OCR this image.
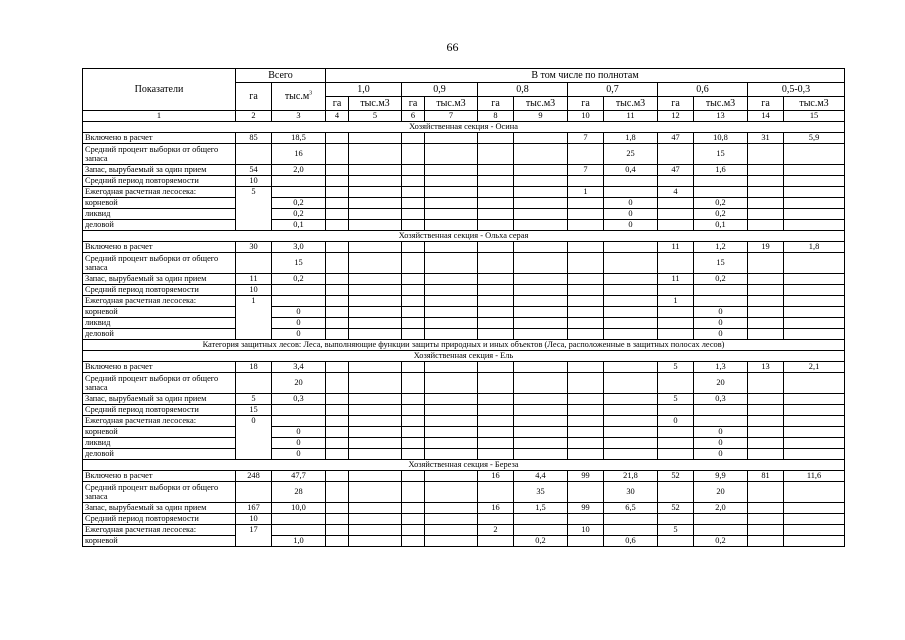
66
Показатели	Всего		В том числе по полнотам											
	га	$тыс.м^3$	1,0		0,9		0,8		0,7		0,6		0,5-0,3	
			га	тыс.м3	га	тыс.м3	га	тыс.м3	га	тыс.м3	га	тыс.м3	га	тыс.м3
1	2	3	4	5	6	7	8	9	10	11	12	13	14	15
Хозяйственная секция - Осина														
Включено в расчет	85	18,5							7	1,8	47	10,8	31	5,9
Средний процент выборки от общего запаса		16								25		15		
Запас, вырубаемый за один прием	54	2,0							7	0,4	47	1,6		
Средний период повторяемости	10													
Ежегодная расчетная лесосека:	5								1		4			
корневой		0,2								0		0,2		
ликвид		0,2								0		0,2		
деловой		0,1								0		0,1		
Хозяйственная секция - Ольха серая														
Включено в расчет	30	3,0									11	1,2	19	1,8
Средний процент выборки от общего запаса		15										15		
Запас, вырубаемый за один прием	11	0,2									11	0,2		
Средний период повторяемости	10													
Ежегодная расчетная лесосека:	1										1			
корневой		0										0		
ликвид		0										0		
деловой		0										0		
Категория защитных лесов: Леса, выполняющие функции защиты природных и иных объектов (Леса, расположенные в защитных полосах лесов)														
Хозяйственная секция - Ель														
Включено в расчет	18	3,4									5	1,3	13	2,1
Средний процент выборки от общего запаса		20										20		
Запас, вырубаемый за один прием	5	0,3									5	0,3		
Средний период повторяемости	15													
Ежегодная расчетная лесосека:	0										0			
корневой		0										0		
ликвид		0										0		
деловой		0										0		
Хозяйственная секция - Береза														
Включено в расчет	248	47,7					16	4,4	99	21,8	52	9,9	81	11,6
Средний процент выборки от общего запаса		28						35		30		20		
Запас, вырубаемый за один прием	167	10,0					16	1,5	99	6,5	52	2,0		
Средний период повторяемости	10													
Ежегодная расчетная лесосека:	17						2		10		5			
корневой		1,0						0,2		0,6		0,2		
